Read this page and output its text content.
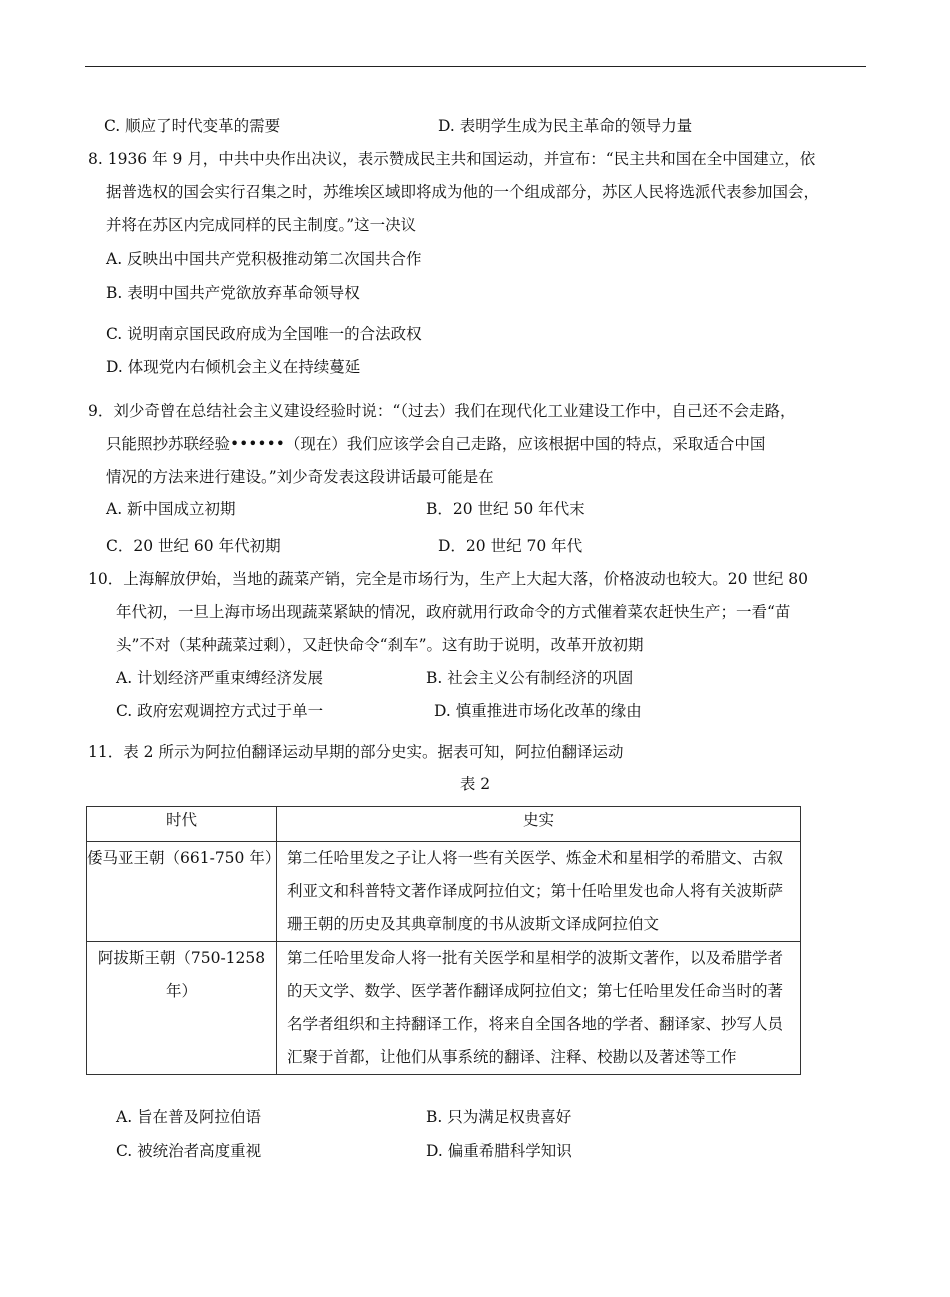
C. 顺应了时代变革的需要	D. 表明学生成为民主革命的领导力量
8. 1936 年 9 月，中共中央作出决议，表示赞成民主共和国运动，并宣布：“民主共和国在全中国建立，依
据普选权的国会实行召集之时，苏维埃区域即将成为他的一个组成部分，苏区人民将选派代表参加国会，
并将在苏区内完成同样的民主制度。”这一决议
A. 反映出中国共产党积极推动第二次国共合作
B. 表明中国共产党欲放弃革命领导权
C. 说明南京国民政府成为全国唯一的合法政权
D. 体现党内右倾机会主义在持续蔓延
9．刘少奇曾在总结社会主义建设经验时说：“（过去）我们在现代化工业建设工作中，自己还不会走路，
只能照抄苏联经验••••••（现在）我们应该学会自己走路，应该根据中国的特点，采取适合中国
情况的方法来进行建设。”刘少奇发表这段讲话最可能是在
A. 新中国成立初期	B．20 世纪 50 年代末
C．20 世纪 60 年代初期	D．20 世纪 70 年代
10．上海解放伊始，当地的蔬菜产销，完全是市场行为，生产上大起大落，价格波动也较大。20 世纪 80
年代初，一旦上海市场出现蔬菜紧缺的情况，政府就用行政命令的方式催着菜农赶快生产；一看“苗
头”不对（某种蔬菜过剩），又赶快命令“刹车”。这有助于说明，改革开放初期
A. 计划经济严重束缚经济发展	B. 社会主义公有制经济的巩固
C. 政府宏观调控方式过于单一	D. 慎重推进市场化改革的缘由
11．表 2 所示为阿拉伯翻译运动早期的部分史实。据表可知，阿拉伯翻译运动
表 2
时代	史实
倭马亚王朝（661-750 年）	第二任哈里发之子让人将一些有关医学、炼金术和星相学的希腊文、古叙利亚文和科普特文著作译成阿拉伯文；第十任哈里发也命人将有关波斯萨珊王朝的历史及其典章制度的书从波斯文译成阿拉伯文
阿拔斯王朝（750-1258 年）	第二任哈里发命人将一批有关医学和星相学的波斯文著作，以及希腊学者的天文学、数学、医学著作翻译成阿拉伯文；第七任哈里发任命当时的著名学者组织和主持翻译工作，将来自全国各地的学者、翻译家、抄写人员汇聚于首都，让他们从事系统的翻译、注释、校勘以及著述等工作
A. 旨在普及阿拉伯语	B. 只为满足权贵喜好
C. 被统治者高度重视	D. 偏重希腊科学知识
